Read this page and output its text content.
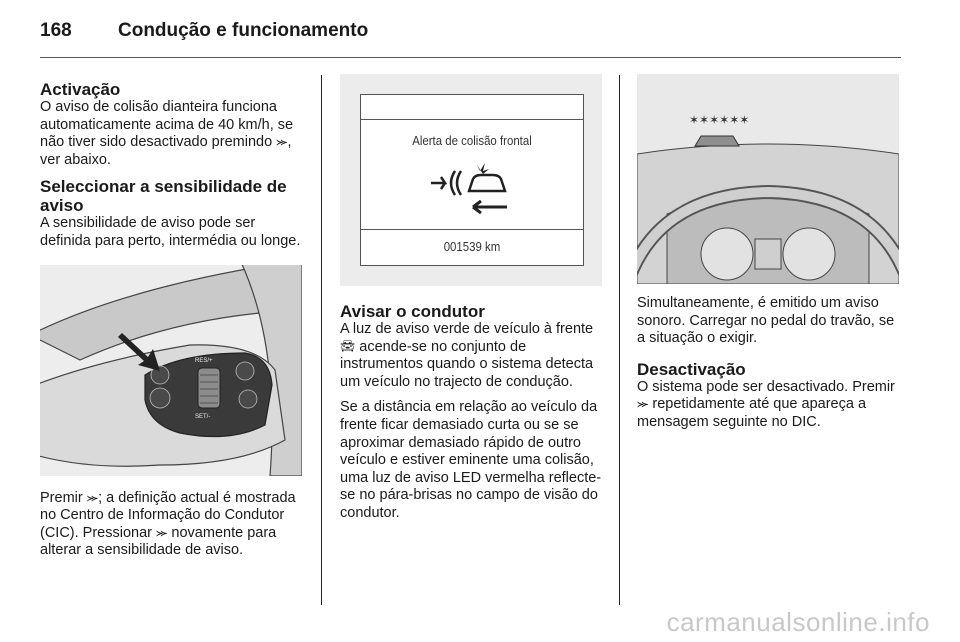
168	Condução e funcionamento
Activação

O aviso de colisão dianteira funciona automaticamente acima de 40 km/h, se não tiver sido desactivado premindo ⪼, ver abaixo.

Seleccionar a sensibilidade de aviso

A sensibilidade de aviso pode ser definida para perto, intermédia ou longe.

RES/+
SET/-

Premir ⪼; a definição actual é mostrada no Centro de Informação do Condutor (CIC). Pressionar ⪼ novamente para alterar a sensibilidade de aviso.

Alerta de colisão frontal
001539 km
Avisar o condutor

A luz de aviso verde de veículo à frente 🚘︎ acende-se no conjunto de instrumentos quando o sistema detecta um veículo no trajecto de condução.

Se a distância em relação ao veículo da frente ficar demasiado curta ou se se aproximar demasiado rápido de outro veículo e estiver eminente uma colisão, uma luz de aviso LED vermelha reflecte-se no pára-brisas no campo de visão do condutor.

✶✶✶✶✶✶

Simultaneamente, é emitido um aviso sonoro. Carregar no pedal do travão, se a situação o exigir.

Desactivação

O sistema pode ser desactivado. Premir ⪼ repetidamente até que apareça a mensagem seguinte no DIC.

carmanualsonline.info
